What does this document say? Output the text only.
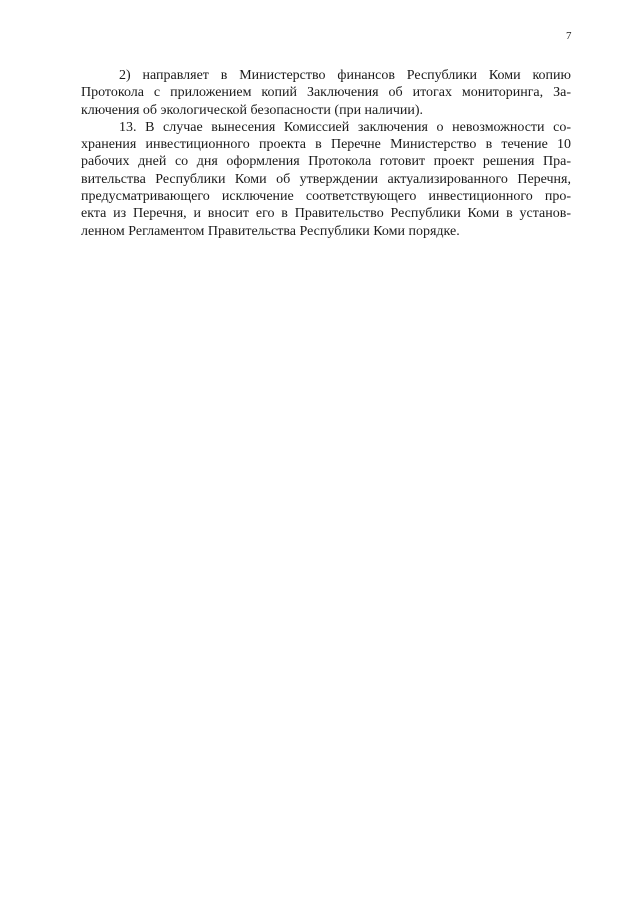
7
2) направляет в Министерство финансов Республики Коми копию
Протокола с приложением копий Заключения об итогах мониторинга, За-
ключения об экологической безопасности (при наличии).
13. В случае вынесения Комиссией заключения о невозможности со-
хранения инвестиционного проекта в Перечне Министерство в течение 10
рабочих дней со дня оформления Протокола готовит проект решения Пра-
вительства Республики Коми об утверждении актуализированного Перечня,
предусматривающего исключение соответствующего инвестиционного про-
екта из Перечня, и вносит его в Правительство Республики Коми в установ-
ленном Регламентом Правительства Республики Коми порядке.
